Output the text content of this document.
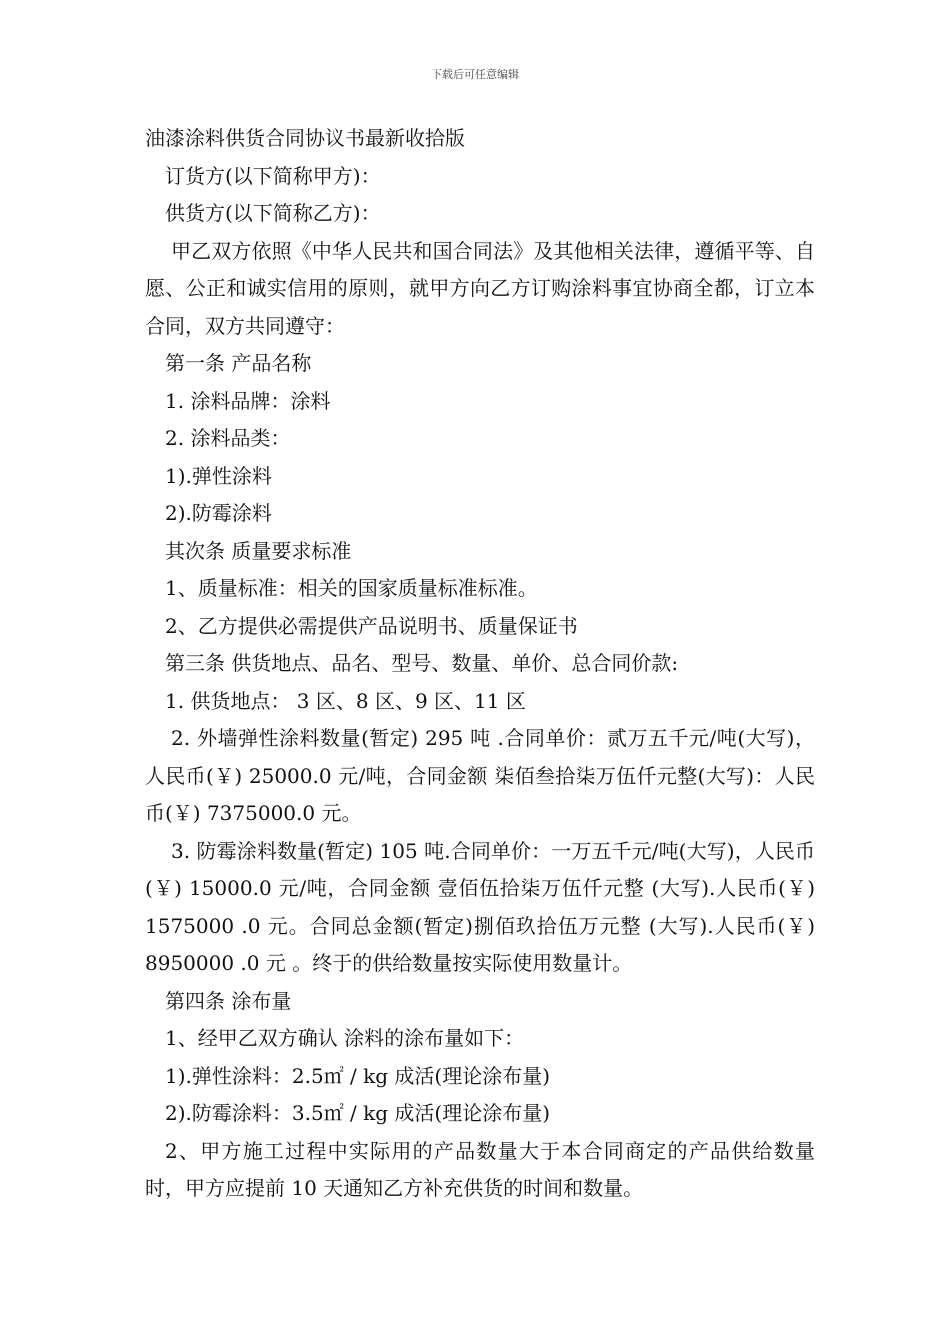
下载后可任意编辑

油漆涂料供货合同协议书最新收拾版

订货方(以下简称甲方)：

供货方(以下简称乙方)：

甲乙双方依照《中华人民共和国合同法》及其他相关法律，遵循平等、自愿、公正和诚实信用的原则，就甲方向乙方订购涂料事宜协商全都，订立本合同，双方共同遵守：

第一条 产品名称

1. 涂料品牌：涂料

2. 涂料品类：

1).弹性涂料

2).防霉涂料

其次条 质量要求标准

1、质量标准：相关的国家质量标准标准。

2、乙方提供必需提供产品说明书、质量保证书

第三条 供货地点、品名、型号、数量、单价、总合同价款:

1. 供货地点： 3 区、8 区、9 区、11 区

2. 外墙弹性涂料数量(暂定) 295 吨 .合同单价：贰万五千元/吨(大写)，人民币(￥) 25000.0 元/吨，合同金额 柒佰叁拾柒万伍仟元整(大写)：人民币(￥) 7375000.0 元。

3. 防霉涂料数量(暂定) 105 吨.合同单价：一万五千元/吨(大写)，人民币(￥) 15000.0 元/吨，合同金额 壹佰伍拾柒万伍仟元整 (大写).人民币(￥) 1575000 .0 元。合同总金额(暂定)捌佰玖拾伍万元整 (大写).人民币(￥) 8950000 .0 元 。终于的供给数量按实际使用数量计。

第四条 涂布量

1、经甲乙双方确认 涂料的涂布量如下：

1).弹性涂料：2.5㎡ / kg 成活(理论涂布量)

2).防霉涂料：3.5㎡ / kg 成活(理论涂布量)

2、甲方施工过程中实际用的产品数量大于本合同商定的产品供给数量时，甲方应提前 10 天通知乙方补充供货的时间和数量。
